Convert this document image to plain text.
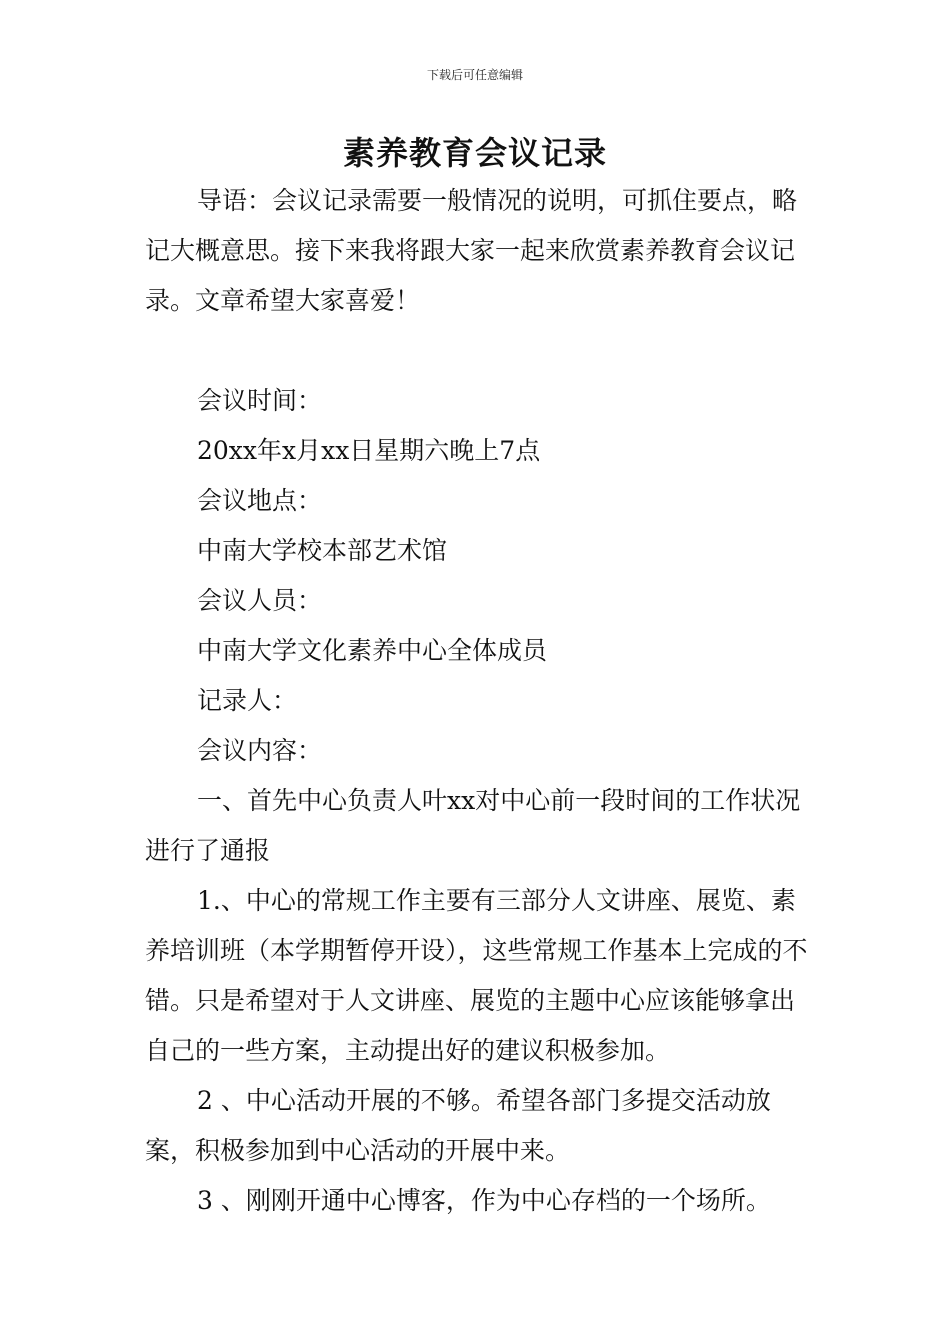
下载后可任意编辑
素养教育会议记录

导语：会议记录需要一般情况的说明，可抓住要点，略记大概意思。接下来我将跟大家一起来欣赏素养教育会议记录。文章希望大家喜爱！

会议时间：

20xx年x月xx日星期六晚上7点

会议地点：

中南大学校本部艺术馆

会议人员：

中南大学文化素养中心全体成员

记录人：

会议内容：

一、首先中心负责人叶xx对中心前一段时间的工作状况进行了通报

1.、中心的常规工作主要有三部分人文讲座、展览、素养培训班（本学期暂停开设），这些常规工作基本上完成的不错。只是希望对于人文讲座、展览的主题中心应该能够拿出自己的一些方案，主动提出好的建议积极参加。

2 、中心活动开展的不够。希望各部门多提交活动放案，积极参加到中心活动的开展中来。

3 、刚刚开通中心博客，作为中心存档的一个场所。
